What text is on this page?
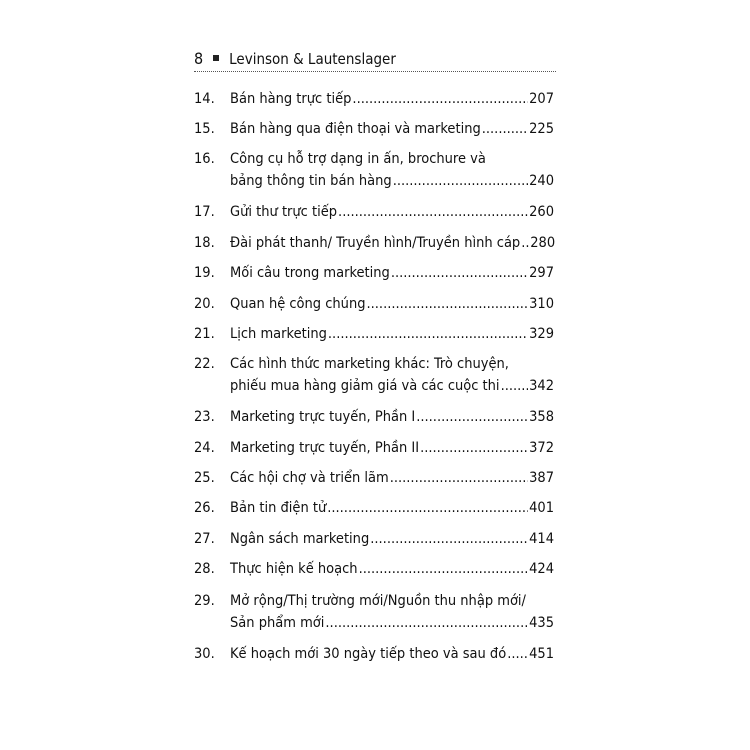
8 Levinson & Lautenslager
14.	Bán hàng trực tiếp .....	207
15.	Bán hàng qua điện thoại và marketing .....	225
16.	Công cụ hỗ trợ dạng in ấn, brochure và
bảng thông tin bán hàng .....	240
17.	Gửi thư trực tiếp .....	260
18.	Đài phát thanh/ Truyền hình/Truyền hình cáp ..... 280
19.	Mối câu trong marketing .....	297
20.	Quan hệ công chúng .....	310
21.	Lịch marketing .....	329
22.	Các hình thức marketing khác: Trò chuyện,
phiếu mua hàng giảm giá và các cuộc thi ..... 342
23.	Marketing trực tuyến, Phần I .....	358
24.	Marketing trực tuyến, Phần II .....	372
25.	Các hội chợ và triển lãm .....	387
26.	Bản tin điện tử .....	401
27.	Ngân sách marketing .....	414
28.	Thực hiện kế hoạch .....	424
29.	Mở rộng/Thị trường mới/Nguồn thu nhập mới/
Sản phẩm mới .....	435
30.	Kế hoạch mới 30 ngày tiếp theo và sau đó ..... 451
